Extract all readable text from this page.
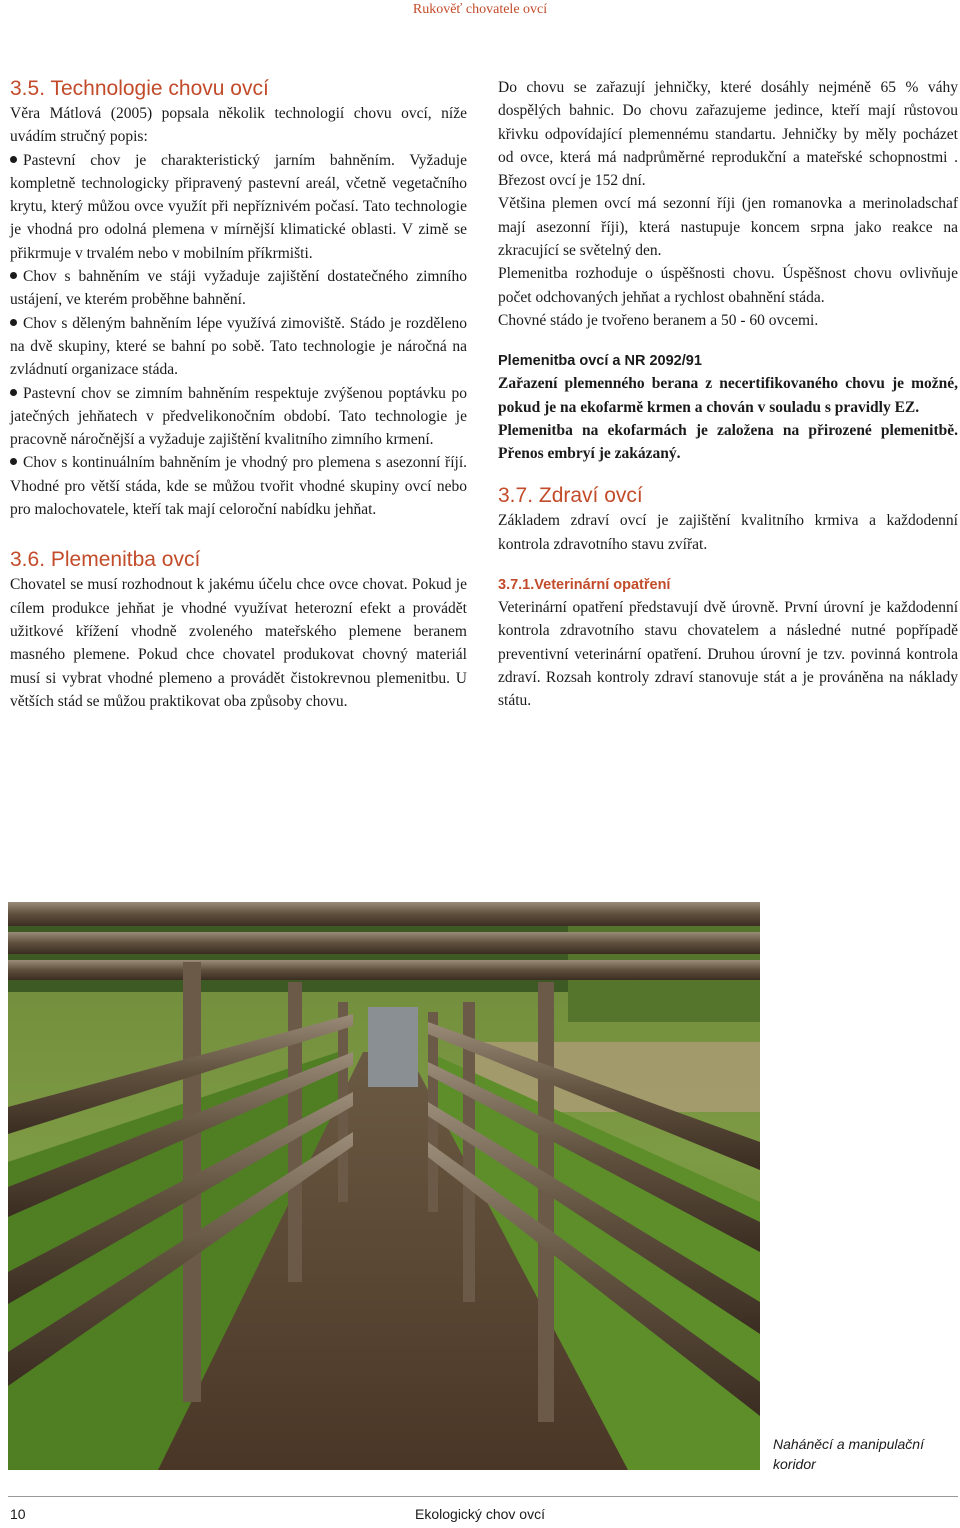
Rukověť chovatele ovcí
3.5. Technologie chovu ovcí

Věra Mátlová (2005) popsala několik technologií chovu ovcí, níže uvádím stručný popis:

Pastevní chov je charakteristický jarním bahněním. Vyžaduje kompletně technologicky připravený pastevní areál, včetně vegetačního krytu, který můžou ovce využít při nepříznivém počasí. Tato technologie je vhodná pro odolná plemena v mírnější klimatické oblasti. V zimě se přikrmuje v trvalém nebo v mobilním příkrmišti.

Chov s bahněním ve stáji vyžaduje zajištění dostatečného zimního ustájení, ve kterém proběhne bahnění.

Chov s děleným bahněním lépe využívá zimoviště. Stádo je rozděleno na dvě skupiny, které se bahní po sobě. Tato technologie je náročná na zvládnutí organizace stáda.

Pastevní chov se zimním bahněním respektuje zvýšenou poptávku po jatečných jehňatech v předvelikonočním období. Tato technologie je pracovně náročnější a vyžaduje zajištění kvalitního zimního krmení.

Chov s kontinuálním bahněním je vhodný pro plemena s asezonní říjí. Vhodné pro větší stáda, kde se můžou tvořit vhodné skupiny ovcí nebo pro malochovatele, kteří tak mají celoroční nabídku jehňat.

3.6. Plemenitba ovcí

Chovatel se musí rozhodnout k jakému účelu chce ovce chovat. Pokud je cílem produkce jehňat je vhodné využívat heterozní efekt a provádět užitkové křížení vhodně zvoleného mateřského plemene beranem masného plemene. Pokud chce chovatel produkovat chovný materiál musí si vybrat vhodné plemeno a provádět čistokrevnou plemenitbu. U větších stád se můžou praktikovat oba způsoby chovu.

Do chovu se zařazují jehničky, které dosáhly nejméně 65 % váhy dospělých bahnic. Do chovu zařazujeme jedince, kteří mají růstovou křivku odpovídající plemennému standartu. Jehničky by měly pocházet od ovce, která má nadprůměrné reprodukční a mateřské schopnostmi . Březost ovcí je 152 dní.

Většina plemen ovcí má sezonní říji (jen romanovka a merinoladschaf mají asezonní říji), která nastupuje koncem srpna jako reakce na zkracující se světelný den.

Plemenitba rozhoduje o úspěšnosti chovu. Úspěšnost chovu ovlivňuje počet odchovaných jehňat a rychlost obahnění stáda.

Chovné stádo je tvořeno beranem a 50 - 60 ovcemi.

Plemenitba ovcí a NR 2092/91

Zařazení plemenného berana z necertifikovaného chovu je možné, pokud je na ekofarmě krmen a chován v souladu s pravidly EZ.

Plemenitba na ekofarmách je založena na přirozené plemenitbě. Přenos embryí je zakázaný.

3.7. Zdraví ovcí

Základem zdraví ovcí je zajištění kvalitního krmiva a každodenní kontrola zdravotního stavu zvířat.

3.7.1.Veterinární opatření

Veterinární opatření představují dvě úrovně. První úrovní je každodenní kontrola zdravotního stavu chovatelem a následné nutné popřípadě preventivní veterinární opatření. Druhou úrovní je tzv. povinná kontrola zdraví. Rozsah kontroly zdraví stanovuje stát a je prováněna na náklady státu.

Naháněcí a manipulační koridor
10	Ekologický chov ovcí
